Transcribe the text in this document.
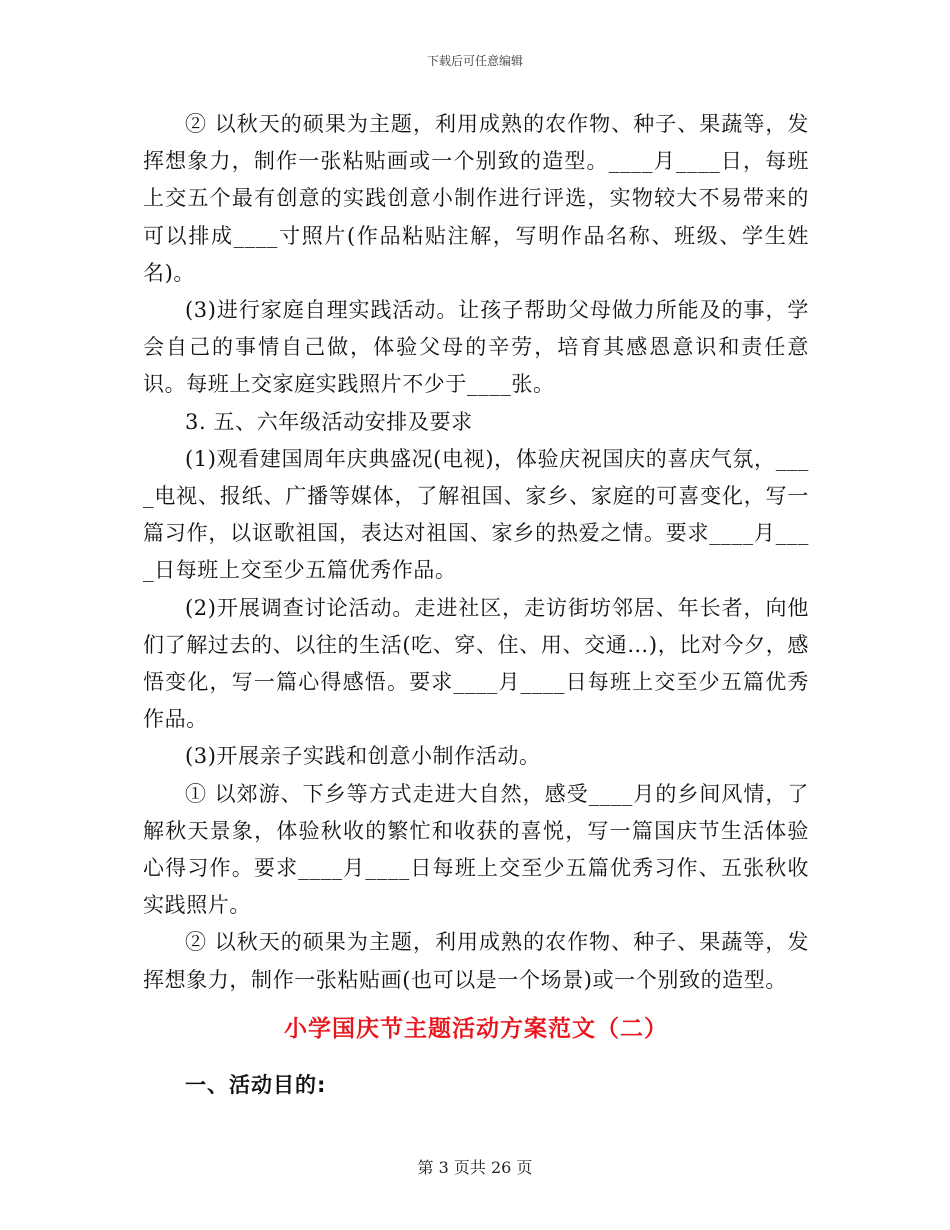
下载后可任意编辑

② 以秋天的硕果为主题，利用成熟的农作物、种子、果蔬等，发挥想象力，制作一张粘贴画或一个别致的造型。____月____日，每班上交五个最有创意的实践创意小制作进行评选，实物较大不易带来的可以排成____寸照片(作品粘贴注解，写明作品名称、班级、学生姓名)。

(3)进行家庭自理实践活动。让孩子帮助父母做力所能及的事，学会自己的事情自己做，体验父母的辛劳，培育其感恩意识和责任意识。每班上交家庭实践照片不少于____张。

3. 五、六年级活动安排及要求

(1)观看建国周年庆典盛况(电视)，体验庆祝国庆的喜庆气氛，____电视、报纸、广播等媒体，了解祖国、家乡、家庭的可喜变化，写一篇习作，以讴歌祖国，表达对祖国、家乡的热爱之情。要求____月____日每班上交至少五篇优秀作品。

(2)开展调查讨论活动。走进社区，走访街坊邻居、年长者，向他们了解过去的、以往的生活(吃、穿、住、用、交通…)，比对今夕，感悟变化，写一篇心得感悟。要求____月____日每班上交至少五篇优秀作品。

(3)开展亲子实践和创意小制作活动。

① 以郊游、下乡等方式走进大自然，感受____月的乡间风情，了解秋天景象，体验秋收的繁忙和收获的喜悦，写一篇国庆节生活体验心得习作。要求____月____日每班上交至少五篇优秀习作、五张秋收实践照片。

② 以秋天的硕果为主题，利用成熟的农作物、种子、果蔬等，发挥想象力，制作一张粘贴画(也可以是一个场景)或一个别致的造型。

小学国庆节主题活动方案范文（二）
一、活动目的:
第 3 页共 26 页
